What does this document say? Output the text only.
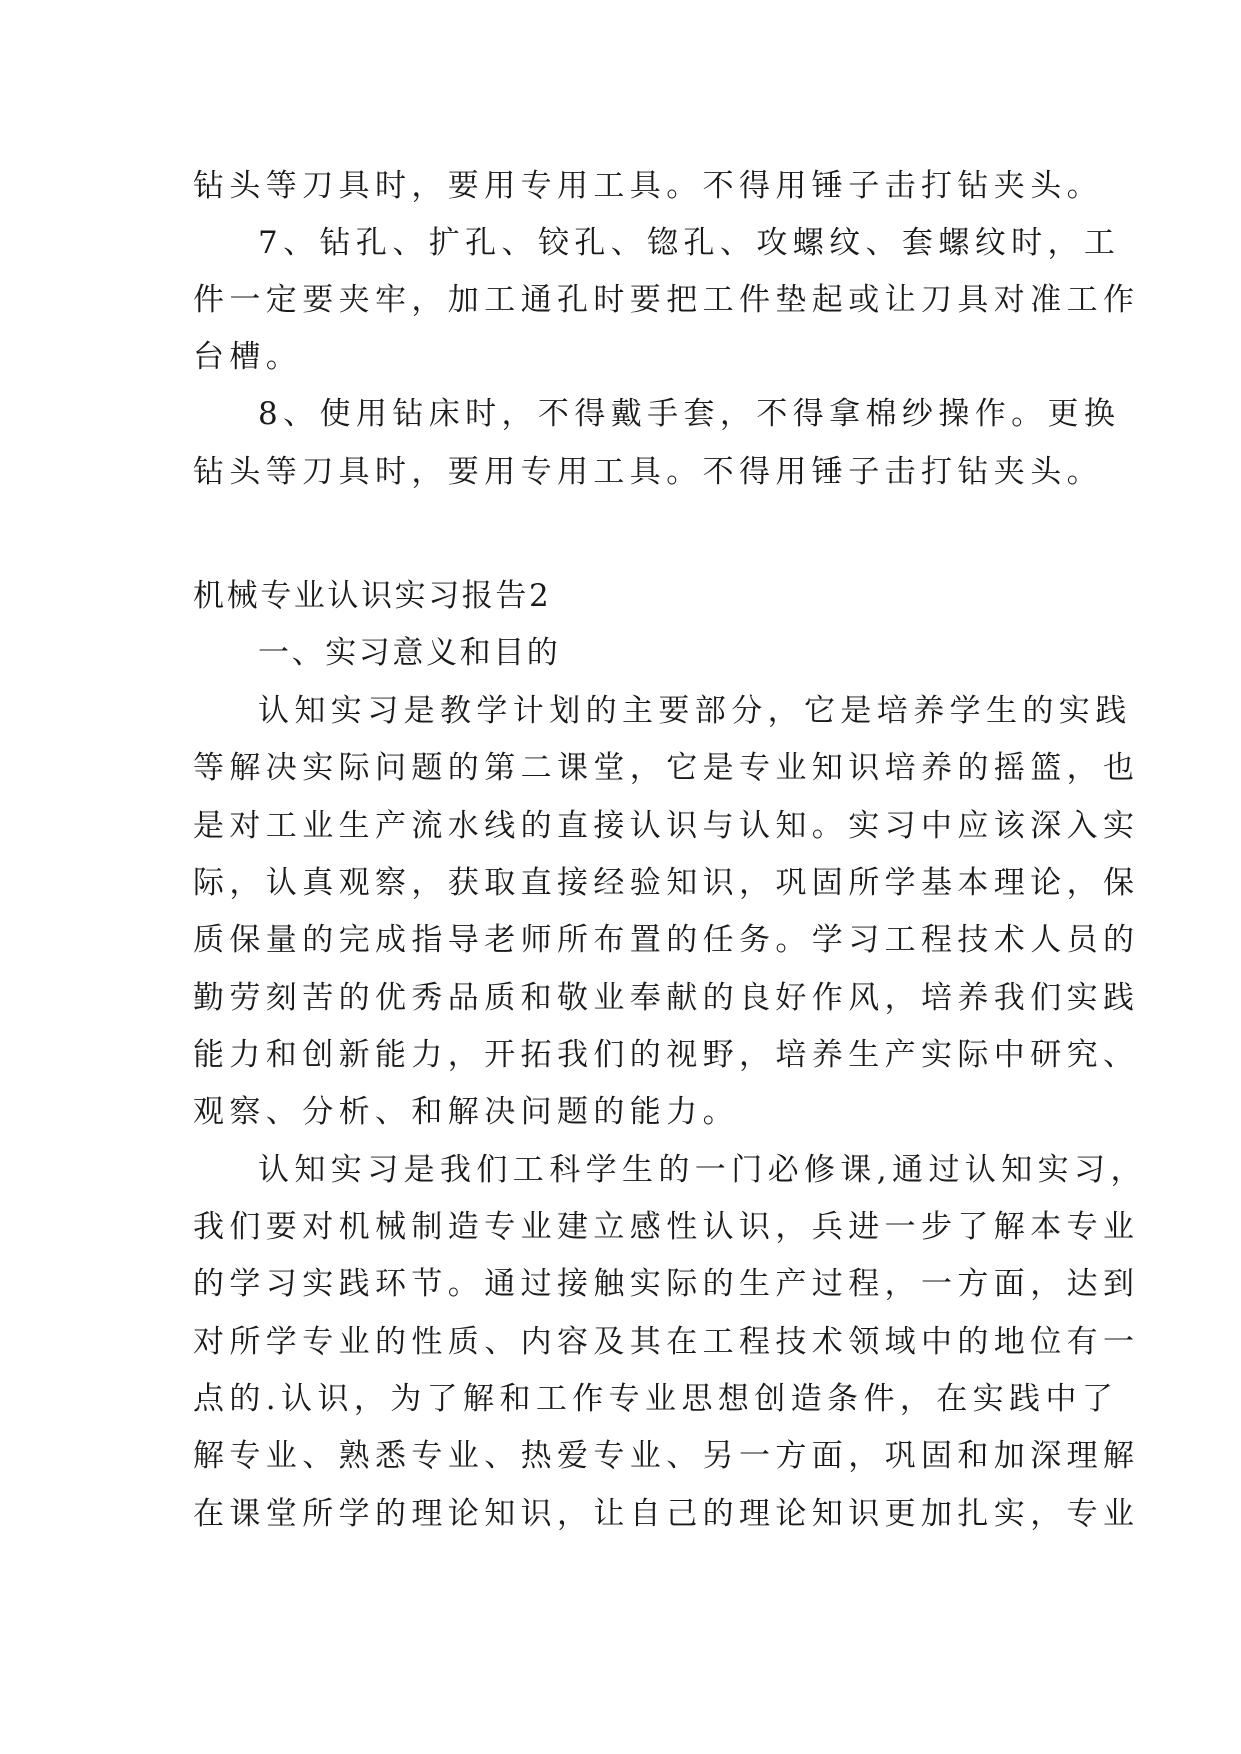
钻头等刀具时，要用专用工具。不得用锤子击打钻夹头。
7、钻孔、扩孔、铰孔、锪孔、攻螺纹、套螺纹时，工
件一定要夹牢，加工通孔时要把工件垫起或让刀具对准工作
台槽。
8、使用钻床时，不得戴手套，不得拿棉纱操作。更换
钻头等刀具时，要用专用工具。不得用锤子击打钻夹头。
机械专业认识实习报告2
一、实习意义和目的
认知实习是教学计划的主要部分，它是培养学生的实践
等解决实际问题的第二课堂，它是专业知识培养的摇篮，也
是对工业生产流水线的直接认识与认知。实习中应该深入实
际，认真观察，获取直接经验知识，巩固所学基本理论，保
质保量的完成指导老师所布置的任务。学习工程技术人员的
勤劳刻苦的优秀品质和敬业奉献的良好作风，培养我们实践
能力和创新能力，开拓我们的视野，培养生产实际中研究、
观察、分析、和解决问题的能力。
认知实习是我们工科学生的一门必修课,通过认知实习，
我们要对机械制造专业建立感性认识，兵进一步了解本专业
的学习实践环节。通过接触实际的生产过程，一方面，达到
对所学专业的性质、内容及其在工程技术领域中的地位有一
点的.认识，为了解和工作专业思想创造条件，在实践中了
解专业、熟悉专业、热爱专业、另一方面，巩固和加深理解
在课堂所学的理论知识，让自己的理论知识更加扎实，专业
